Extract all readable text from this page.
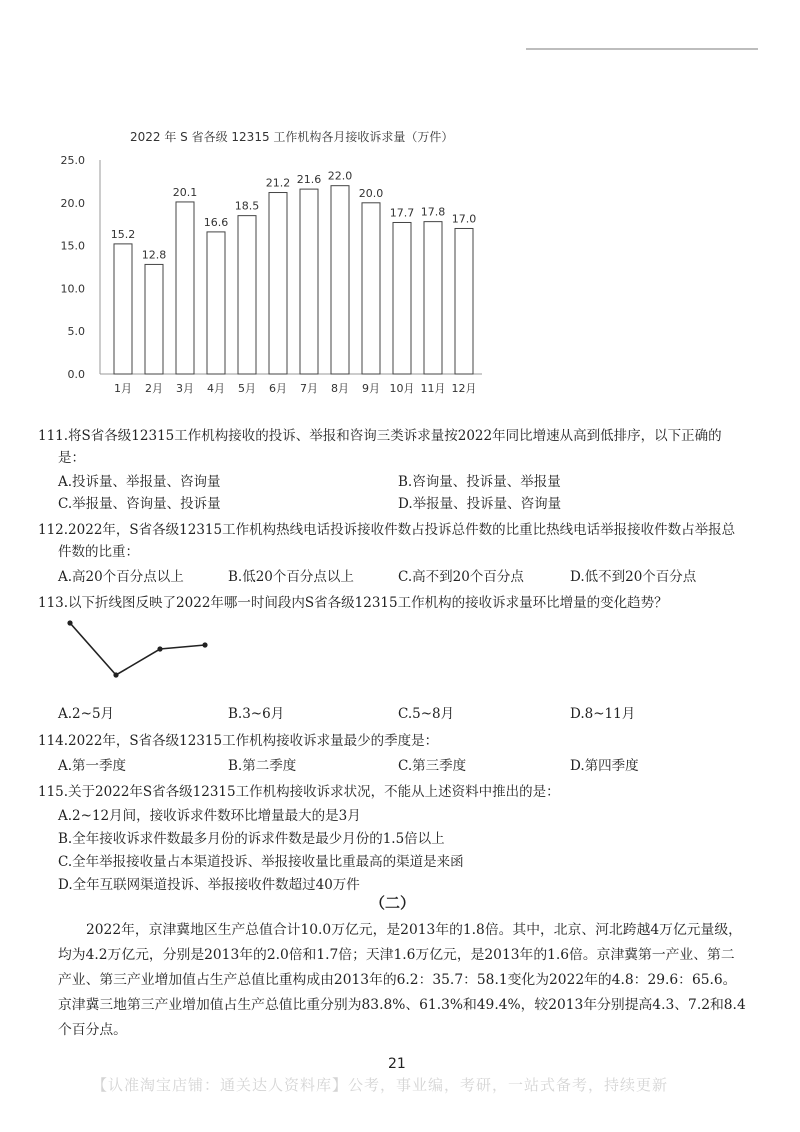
2022 年 S 省各级 12315 工作机构各月接收诉求量（万件）
0.0
5.0
10.0
15.0
20.0
25.0
15.2
1月
12.8
2月
20.1
3月
16.6
4月
18.5
5月
21.2
6月
21.6
7月
22.0
8月
20.0
9月
17.7
10月
17.8
11月
17.0
12月
111.将S省各级12315工作机构接收的投诉、举报和咨询三类诉求量按2022年同比增速从高到低排序，以下正确的
是：
A.投诉量、举报量、咨询量	B.咨询量、投诉量、举报量
C.举报量、咨询量、投诉量	D.举报量、投诉量、咨询量
112.2022年，S省各级12315工作机构热线电话投诉接收件数占投诉总件数的比重比热线电话举报接收件数占举报总
件数的比重：
A.高20个百分点以上	B.低20个百分点以上	C.高不到20个百分点	D.低不到20个百分点
113.以下折线图反映了2022年哪一时间段内S省各级12315工作机构的接收诉求量环比增量的变化趋势？
A.2~5月	B.3~6月	C.5~8月	D.8~11月
114.2022年，S省各级12315工作机构接收诉求量最少的季度是：
A.第一季度	B.第二季度	C.第三季度	D.第四季度
115.关于2022年S省各级12315工作机构接收诉求状况，不能从上述资料中推出的是：
A.2~12月间，接收诉求件数环比增量最大的是3月
B.全年接收诉求件数最多月份的诉求件数是最少月份的1.5倍以上
C.全年举报接收量占本渠道投诉、举报接收量比重最高的渠道是来函
D.全年互联网渠道投诉、举报接收件数超过40万件
（二）
2022年，京津冀地区生产总值合计10.0万亿元，是2013年的1.8倍。其中，北京、河北跨越4万亿元量级，均为4.2万亿元，分别是2013年的2.0倍和1.7倍；天津1.6万亿元，是2013年的1.6倍。京津冀第一产业、第二产业、第三产业增加值占生产总值比重构成由2013年的6.2：35.7：58.1变化为2022年的4.8：29.6：65.6。京津冀三地第三产业增加值占生产总值比重分别为83.8%、61.3%和49.4%，较2013年分别提高4.3、7.2和8.4个百分点。
21
【认准淘宝店铺：通关达人资料库】公考，事业编，考研，一站式备考，持续更新
